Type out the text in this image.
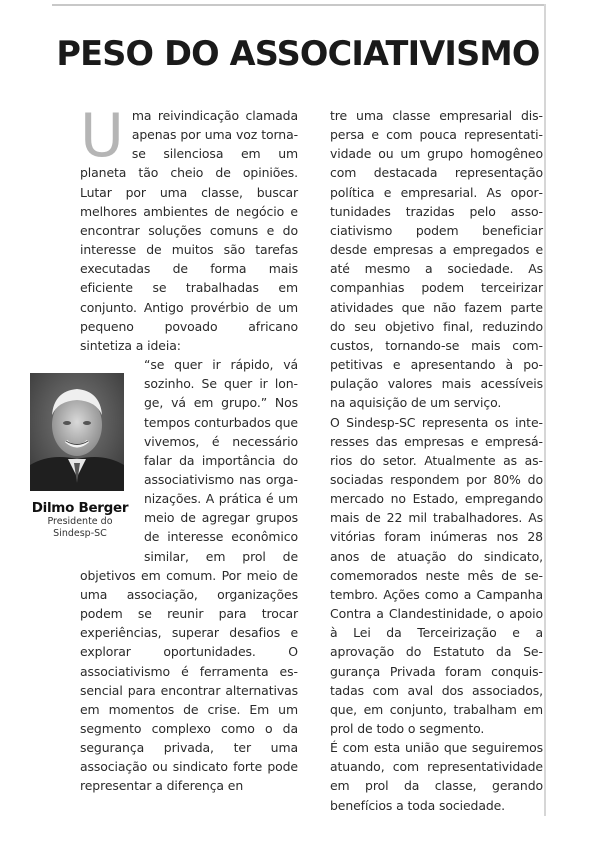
PESO DO ASSOCIATIVISMO

Uma reivindicação clamada apenas por uma voz torna-se silenciosa em um planeta tão cheio de opiniões. Lutar por uma classe, buscar melhores ambientes de negócio e encontrar soluções comuns e do interesse de muitos são tarefas executadas de forma mais eficiente se trabalhadas em conjunto. Antigo provérbio de um pequeno povoado africano sintetiza a ideia:

“se quer ir rápido, vá sozinho. Se quer ir longe, vá em grupo.” Nos tempos conturbados que vivemos, é necessário falar da importância do associativismo nas organizações. A prática é um meio de agregar grupos de interesse econômico similar, em prol de objetivos em comum. Por meio de uma associação, organizações podem se reunir para trocar experiências, superar desafios e explorar oportunidades. O associativismo é ferramenta essencial para encontrar alternativas em momentos de crise. Em um segmento complexo como o da segurança privada, ter uma associação ou sindicato forte pode representar a diferença en

tre uma classe empresarial dispersa e com pouca representatividade ou um grupo homogêneo com destacada representação política e empresarial. As oportunidades trazidas pelo associativismo podem beneficiar desde empresas a empregados e até mesmo a sociedade. As companhias podem terceirizar atividades que não fazem parte do seu objetivo final, reduzindo custos, tornando-se mais competitivas e apresentando à população valores mais acessíveis na aquisição de um serviço.

O Sindesp-SC representa os interesses das empresas e empresários do setor. Atualmente as associadas respondem por 80% do mercado no Estado, empregando mais de 22 mil trabalhadores. As vitórias foram inúmeras nos 28 anos de atuação do sindicato, comemorados neste mês de setembro. Ações como a Campanha Contra a Clandestinidade, o apoio à Lei da Terceirização e a aprovação do Estatuto da Segurança Privada foram conquistadas com aval dos associados, que, em conjunto, trabalham em prol de todo o segmento.

É com esta união que seguiremos atuando, com representatividade em prol da classe, gerando benefícios a toda sociedade.

Dilmo Berger
Presidente do
Sindesp-SC
